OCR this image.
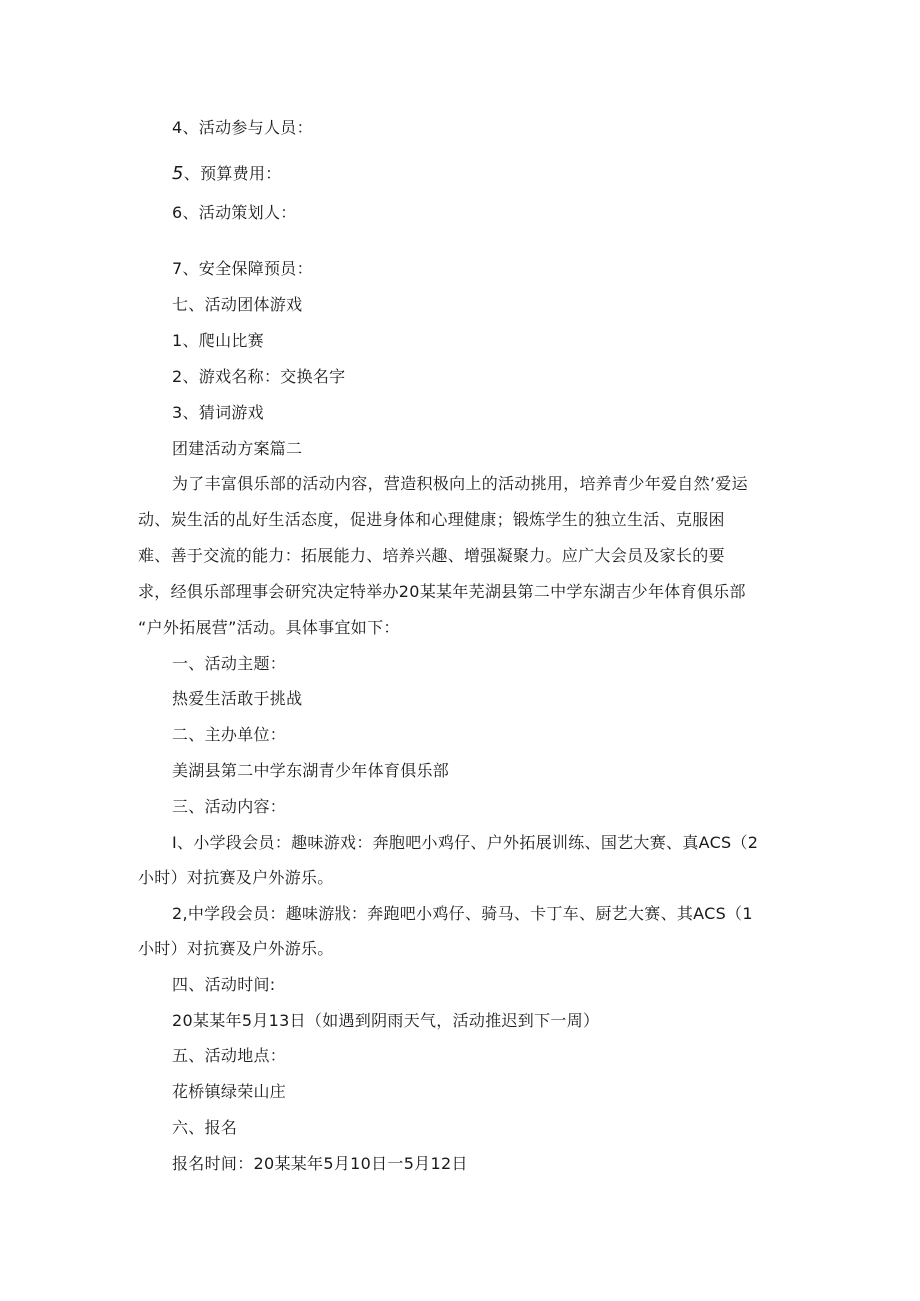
4、活动参与人员：
5、预算费用：
6、活动策划人：
7、安全保障预员：
七、活动团体游戏
1、爬山比赛
2、游戏名称：交换名字
3、猜词游戏
团建活动方案篇二
为了丰富俱乐部的活动内容，营造积极向上的活动挑用，培养青少年爱自然’爱运
动、炭生活的乩好生活态度，促进身体和心理健康；锻炼学生的独立生活、克服困
难、善于交流的能力：拓展能力、培养兴趣、增强凝聚力。应广大会员及家长的要
求，经俱乐部理事会研究决定特举办20某某年芜湖县第二中学东湖吉少年体育俱乐部
“户外拓展营”活动。具体事宜如下：
一、活动主题：
热爱生活敢于挑战
二、主办单位：
美湖县第二中学东湖青少年体育俱乐部
三、活动内容：
I、小学段会员：趣味游戏：奔胞吧小鸡仔、户外拓展训练、国艺大赛、真ACS（2
小时）对抗赛及户外游乐。
2,中学段会员：趣味游戕：奔跑吧小鸡仔、骑马、卡丁车、厨艺大赛、其ACS（1
小时）对抗赛及户外游乐。
四、活动时间:
20某某年5月13日（如遇到阴雨天气，活动推迟到下一周）
五、活动地点：
花桥镇绿荣山庄
六、报名
报名时间：20某某年5月10日一5月12日
